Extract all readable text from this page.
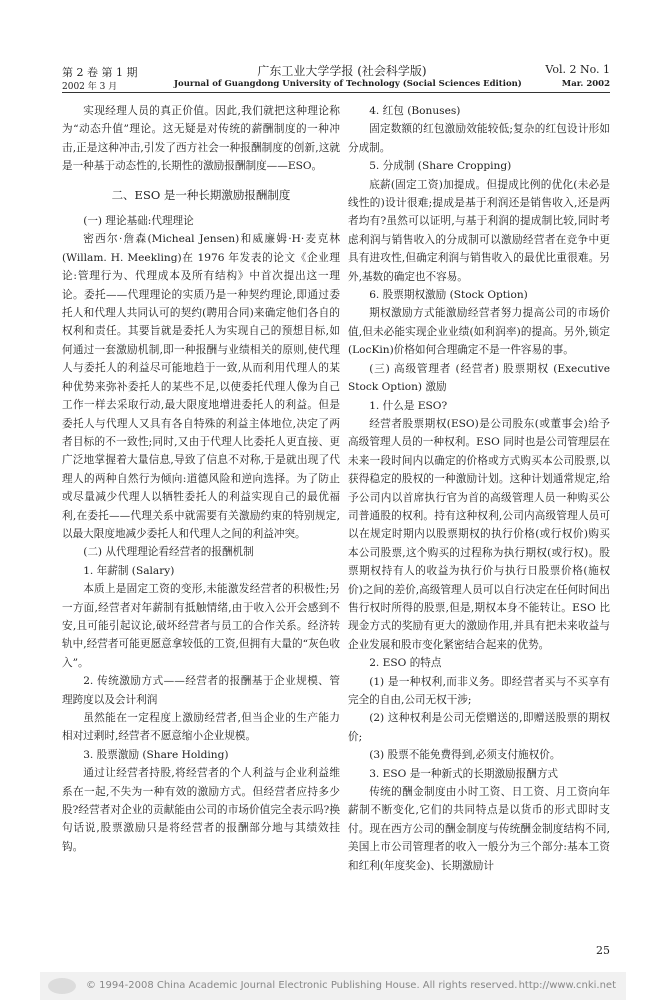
第 2 卷 第 1 期
2002 年 3 月
广东工业大学学报 (社会科学版)
Journal of Guangdong University of Technology (Social Sciences Edition)
Vol. 2 No. 1
Mar. 2002

实现经理人员的真正价值。因此,我们就把这种理论称为“动态升值”理论。这无疑是对传统的薪酬制度的一种冲击,正是这种冲击,引发了西方社会一种报酬制度的创新,这就是一种基于动态性的,长期性的激励报酬制度——ESO。

二、ESO 是一种长期激励报酬制度

(一) 理论基础:代理理论

密西尔·詹森(Micheal Jensen)和威廉姆·H·麦克林(Willam. H. Meekling)在 1976 年发表的论文《企业理论:管理行为、代理成本及所有结构》中首次提出这一理论。委托——代理理论的实质乃是一种契约理论,即通过委托人和代理人共同认可的契约(聘用合同)来确定他们各自的权利和责任。其要旨就是委托人为实现自己的预想目标,如何通过一套激励机制,即一种报酬与业绩相关的原则,使代理人与委托人的利益尽可能地趋于一致,从而利用代理人的某种优势来弥补委托人的某些不足,以使委托代理人像为自己工作一样去采取行动,最大限度地增进委托人的利益。但是委托人与代理人又具有各自特殊的利益主体地位,决定了两者目标的不一致性;同时,又由于代理人比委托人更直接、更广泛地掌握着大量信息,导致了信息不对称,于是就出现了代理人的两种自然行为倾向:道德风险和逆向选择。为了防止或尽量减少代理人以牺牲委托人的利益实现自己的最优福利,在委托——代理关系中就需要有关激励约束的特别规定,以最大限度地减少委托人和代理人之间的利益冲突。

(二) 从代理理论看经营者的报酬机制

1. 年薪制 (Salary)

本质上是固定工资的变形,未能激发经营者的积极性;另一方面,经营者对年薪制有抵触情绪,由于收入公开会感到不安,且可能引起议论,破坏经营者与员工的合作关系。经济转轨中,经营者可能更愿意拿较低的工资,但拥有大量的“灰色收入”。

2. 传统激励方式——经营者的报酬基于企业规模、管理跨度以及会计利润

虽然能在一定程度上激励经营者,但当企业的生产能力相对过剩时,经营者不愿意缩小企业规模。

3. 股票激励 (Share Holding)

通过让经营者持股,将经营者的个人利益与企业利益维系在一起,不失为一种有效的激励方式。但经营者应持多少股?经营者对企业的贡献能由公司的市场价值完全表示吗?换句话说,股票激励只是将经营者的报酬部分地与其绩效挂钩。

4. 红包 (Bonuses)

固定数额的红包激励效能较低;复杂的红包设计形如分成制。

5. 分成制 (Share Cropping)

底薪(固定工资)加提成。但提成比例的优化(未必是线性的)设计很难;提成是基于利润还是销售收入,还是两者均有?虽然可以证明,与基于利润的提成制比较,同时考虑利润与销售收入的分成制可以激励经营者在竞争中更具有进攻性,但确定利润与销售收入的最优比重很难。另外,基数的确定也不容易。

6. 股票期权激励 (Stock Option)

期权激励方式能激励经营者努力提高公司的市场价值,但未必能实现企业业绩(如利润率)的提高。另外,锁定(LocKin)价格如何合理确定不是一件容易的事。

(三) 高级管理者 (经营者) 股票期权 (Executive Stock Option) 激励

1. 什么是 ESO?

经营者股票期权(ESO)是公司股东(或董事会)给予高级管理人员的一种权利。ESO 同时也是公司管理层在未来一段时间内以确定的价格或方式购买本公司股票,以获得稳定的股权的一种激励计划。这种计划通常规定,给予公司内以首席执行官为首的高级管理人员一种购买公司普通股的权利。持有这种权利,公司内高级管理人员可以在规定时期内以股票期权的执行价格(或行权价)购买本公司股票,这个购买的过程称为执行期权(或行权)。股票期权持有人的收益为执行价与执行日股票价格(施权价)之间的差价,高级管理人员可以自行决定在任何时间出售行权时所得的股票,但是,期权本身不能转让。ESO 比现金方式的奖励有更大的激励作用,并具有把未来收益与企业发展和股市变化紧密结合起来的优势。

2. ESO 的特点

(1) 是一种权利,而非义务。即经营者买与不买享有完全的自由,公司无权干涉;

(2) 这种权利是公司无偿赠送的,即赠送股票的期权价;

(3) 股票不能免费得到,必须支付施权价。

3. ESO 是一种新式的长期激励报酬方式

传统的酬金制度由小时工资、日工资、月工资向年薪制不断变化,它们的共同特点是以货币的形式即时支付。现在西方公司的酬金制度与传统酬金制度结构不同,美国上市公司管理者的收入一般分为三个部分:基本工资和红利(年度奖金)、长期激励计

25
© 1994-2008 China Academic Journal Electronic Publishing House. All rights reserved. http://www.cnki.net
